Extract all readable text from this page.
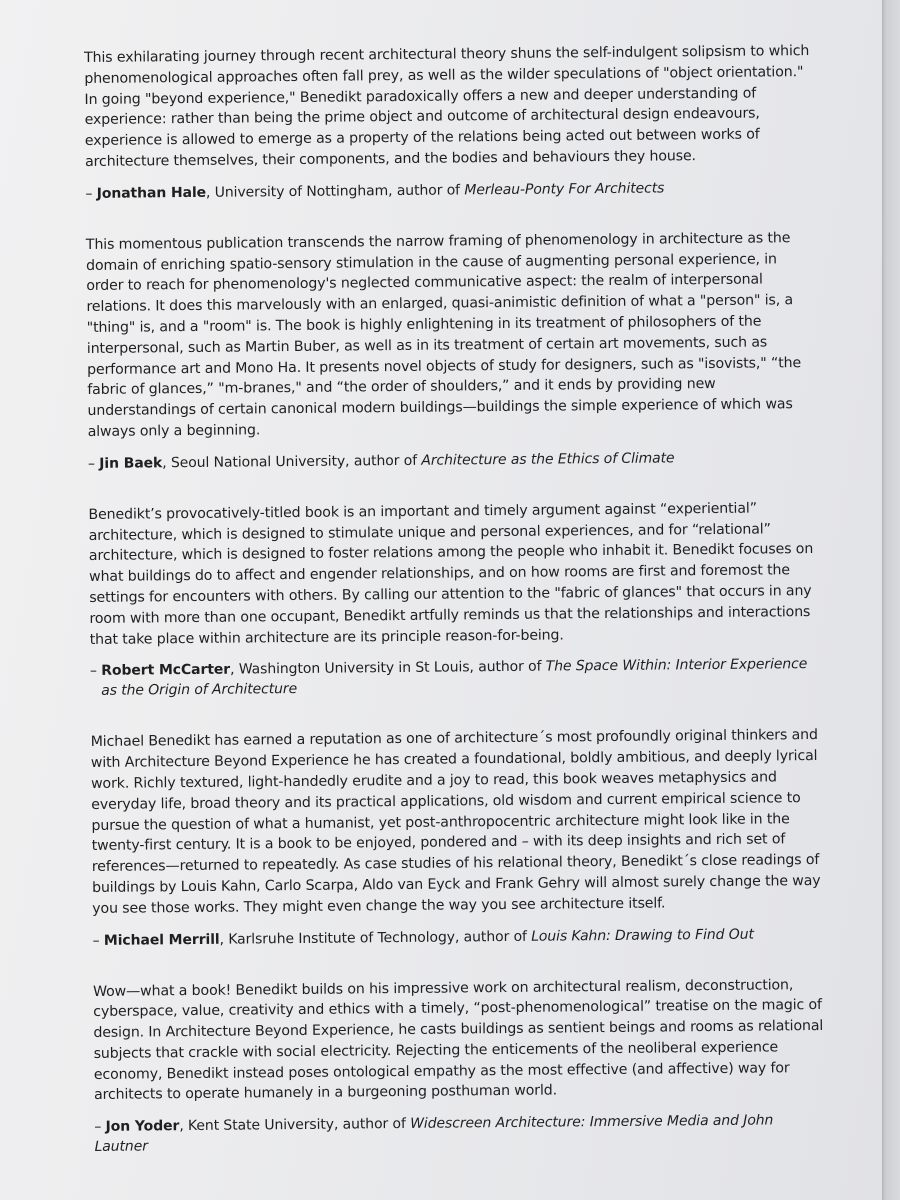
This exhilarating journey through recent architectural theory shuns the self-indulgent solipsism to which phenomenological approaches often fall prey, as well as the wilder speculations of "object orientation." In going "beyond experience," Benedikt paradoxically offers a new and deeper understanding of experience: rather than being the prime object and outcome of architectural design endeavours, experience is allowed to emerge as a property of the relations being acted out between works of architecture themselves, their components, and the bodies and behaviours they house.

– Jonathan Hale, University of Nottingham, author of Merleau-Ponty For Architects

This momentous publication transcends the narrow framing of phenomenology in architecture as the domain of enriching spatio-sensory stimulation in the cause of augmenting personal experience, in order to reach for phenomenology's neglected communicative aspect: the realm of interpersonal relations. It does this marvelously with an enlarged, quasi-animistic definition of what a "person" is, a "thing" is, and a "room" is. The book is highly enlightening in its treatment of philosophers of the interpersonal, such as Martin Buber, as well as in its treatment of certain art movements, such as performance art and Mono Ha. It presents novel objects of study for designers, such as "isovists," “the fabric of glances,” "m-branes," and “the order of shoulders,” and it ends by providing new understandings of certain canonical modern buildings—buildings the simple experience of which was always only a beginning.

– Jin Baek, Seoul National University, author of Architecture as the Ethics of Climate

Benedikt’s provocatively-titled book is an important and timely argument against “experiential” architecture, which is designed to stimulate unique and personal experiences, and for “relational” architecture, which is designed to foster relations among the people who inhabit it. Benedikt focuses on what buildings do to affect and engender relationships, and on how rooms are first and foremost the settings for encounters with others. By calling our attention to the "fabric of glances" that occurs in any room with more than one occupant, Benedikt artfully reminds us that the relationships and interactions that take place within architecture are its principle reason-for-being.

– Robert McCarter, Washington University in St Louis, author of The Space Within: Interior Experience
as the Origin of Architecture

Michael Benedikt has earned a reputation as one of architecture´s most profoundly original thinkers and with Architecture Beyond Experience he has created a foundational, boldly ambitious, and deeply lyrical work. Richly textured, light-handedly erudite and a joy to read, this book weaves metaphysics and everyday life, broad theory and its practical applications, old wisdom and current empirical science to pursue the question of what a humanist, yet post-anthropocentric architecture might look like in the twenty-first century. It is a book to be enjoyed, pondered and – with its deep insights and rich set of references—returned to repeatedly. As case studies of his relational theory, Benedikt´s close readings of buildings by Louis Kahn, Carlo Scarpa, Aldo van Eyck and Frank Gehry will almost surely change the way you see those works. They might even change the way you see architecture itself.

– Michael Merrill, Karlsruhe Institute of Technology, author of Louis Kahn: Drawing to Find Out

Wow—what a book! Benedikt builds on his impressive work on architectural realism, deconstruction, cyberspace, value, creativity and ethics with a timely, “post-phenomenological” treatise on the magic of design. In Architecture Beyond Experience, he casts buildings as sentient beings and rooms as relational subjects that crackle with social electricity. Rejecting the enticements of the neoliberal experience economy, Benedikt instead poses ontological empathy as the most effective (and affective) way for architects to operate humanely in a burgeoning posthuman world.

– Jon Yoder, Kent State University, author of Widescreen Architecture: Immersive Media and John Lautner
